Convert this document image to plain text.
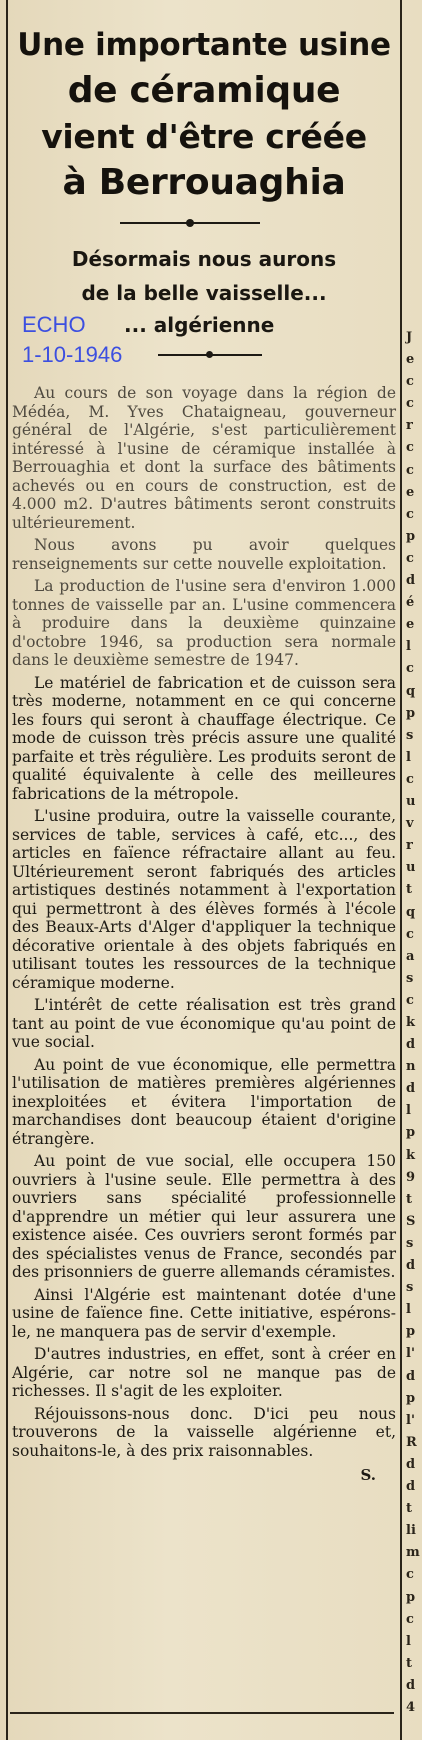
Une importante usine
de céramique
vient d'être créée
à Berrouaghia
Désormais nous aurons
de la belle vaisselle...
ECHO
1-10-1946
... algérienne

Au cours de son voyage dans la région de Médéa, M. Yves Chataigneau, gouverneur général de l'Algérie, s'est particulièrement intéressé à l'usine de céramique installée à Berrouaghia et dont la surface des bâtiments achevés ou en cours de construction, est de 4.000 m2. D'autres bâtiments seront construits ultérieurement.

Nous avons pu avoir quelques renseignements sur cette nouvelle exploitation.

La production de l'usine sera d'environ 1.000 tonnes de vaisselle par an. L'usine commencera à produire dans la deuxième quinzaine d'octobre 1946, sa production sera normale dans le deuxième semestre de 1947.

Le matériel de fabrication et de cuisson sera très moderne, notamment en ce qui concerne les fours qui seront à chauffage électrique. Ce mode de cuisson très précis assure une qualité parfaite et très régulière. Les produits seront de qualité équivalente à celle des meilleures fabrications de la métropole.

L'usine produira, outre la vaisselle courante, services de table, services à café, etc..., des articles en faïence réfractaire allant au feu. Ultérieurement seront fabriqués des articles artistiques destinés notamment à l'exportation qui permettront à des élèves formés à l'école des Beaux-Arts d'Alger d'appliquer la technique décorative orientale à des objets fabriqués en utilisant toutes les ressources de la technique céramique moderne.

L'intérêt de cette réalisation est très grand tant au point de vue économique qu'au point de vue social.

Au point de vue économique, elle permettra l'utilisation de matières premières algériennes inexploitées et évitera l'importation de marchandises dont beaucoup étaient d'origine étrangère.

Au point de vue social, elle occupera 150 ouvriers à l'usine seule. Elle permettra à des ouvriers sans spécialité professionnelle d'apprendre un métier qui leur assurera une existence aisée. Ces ouvriers seront formés par des spécialistes venus de France, secondés par des prisonniers de guerre allemands céramistes.

Ainsi l'Algérie est maintenant dotée d'une usine de faïence fine. Cette initiative, espérons-le, ne manquera pas de servir d'exemple.

D'autres industries, en effet, sont à créer en Algérie, car notre sol ne manque pas de richesses. Il s'agit de les exploiter.

Réjouissons-nous donc. D'ici peu nous trouverons de la vaisselle algérienne et, souhaitons-le, à des prix raisonnables.

S.
J
e
c
c
r
c
c
e
c
p
c
d
é
e
l
c
q
p
s
l
c
u
v
r
u
t
q
c
a
s
c
k
d
n
d
l
p
k
9
t
S
s
d
s
l
p
l'
d
p
l'
R
d
d
t
li
m
c
p
c
l
t
d
4
